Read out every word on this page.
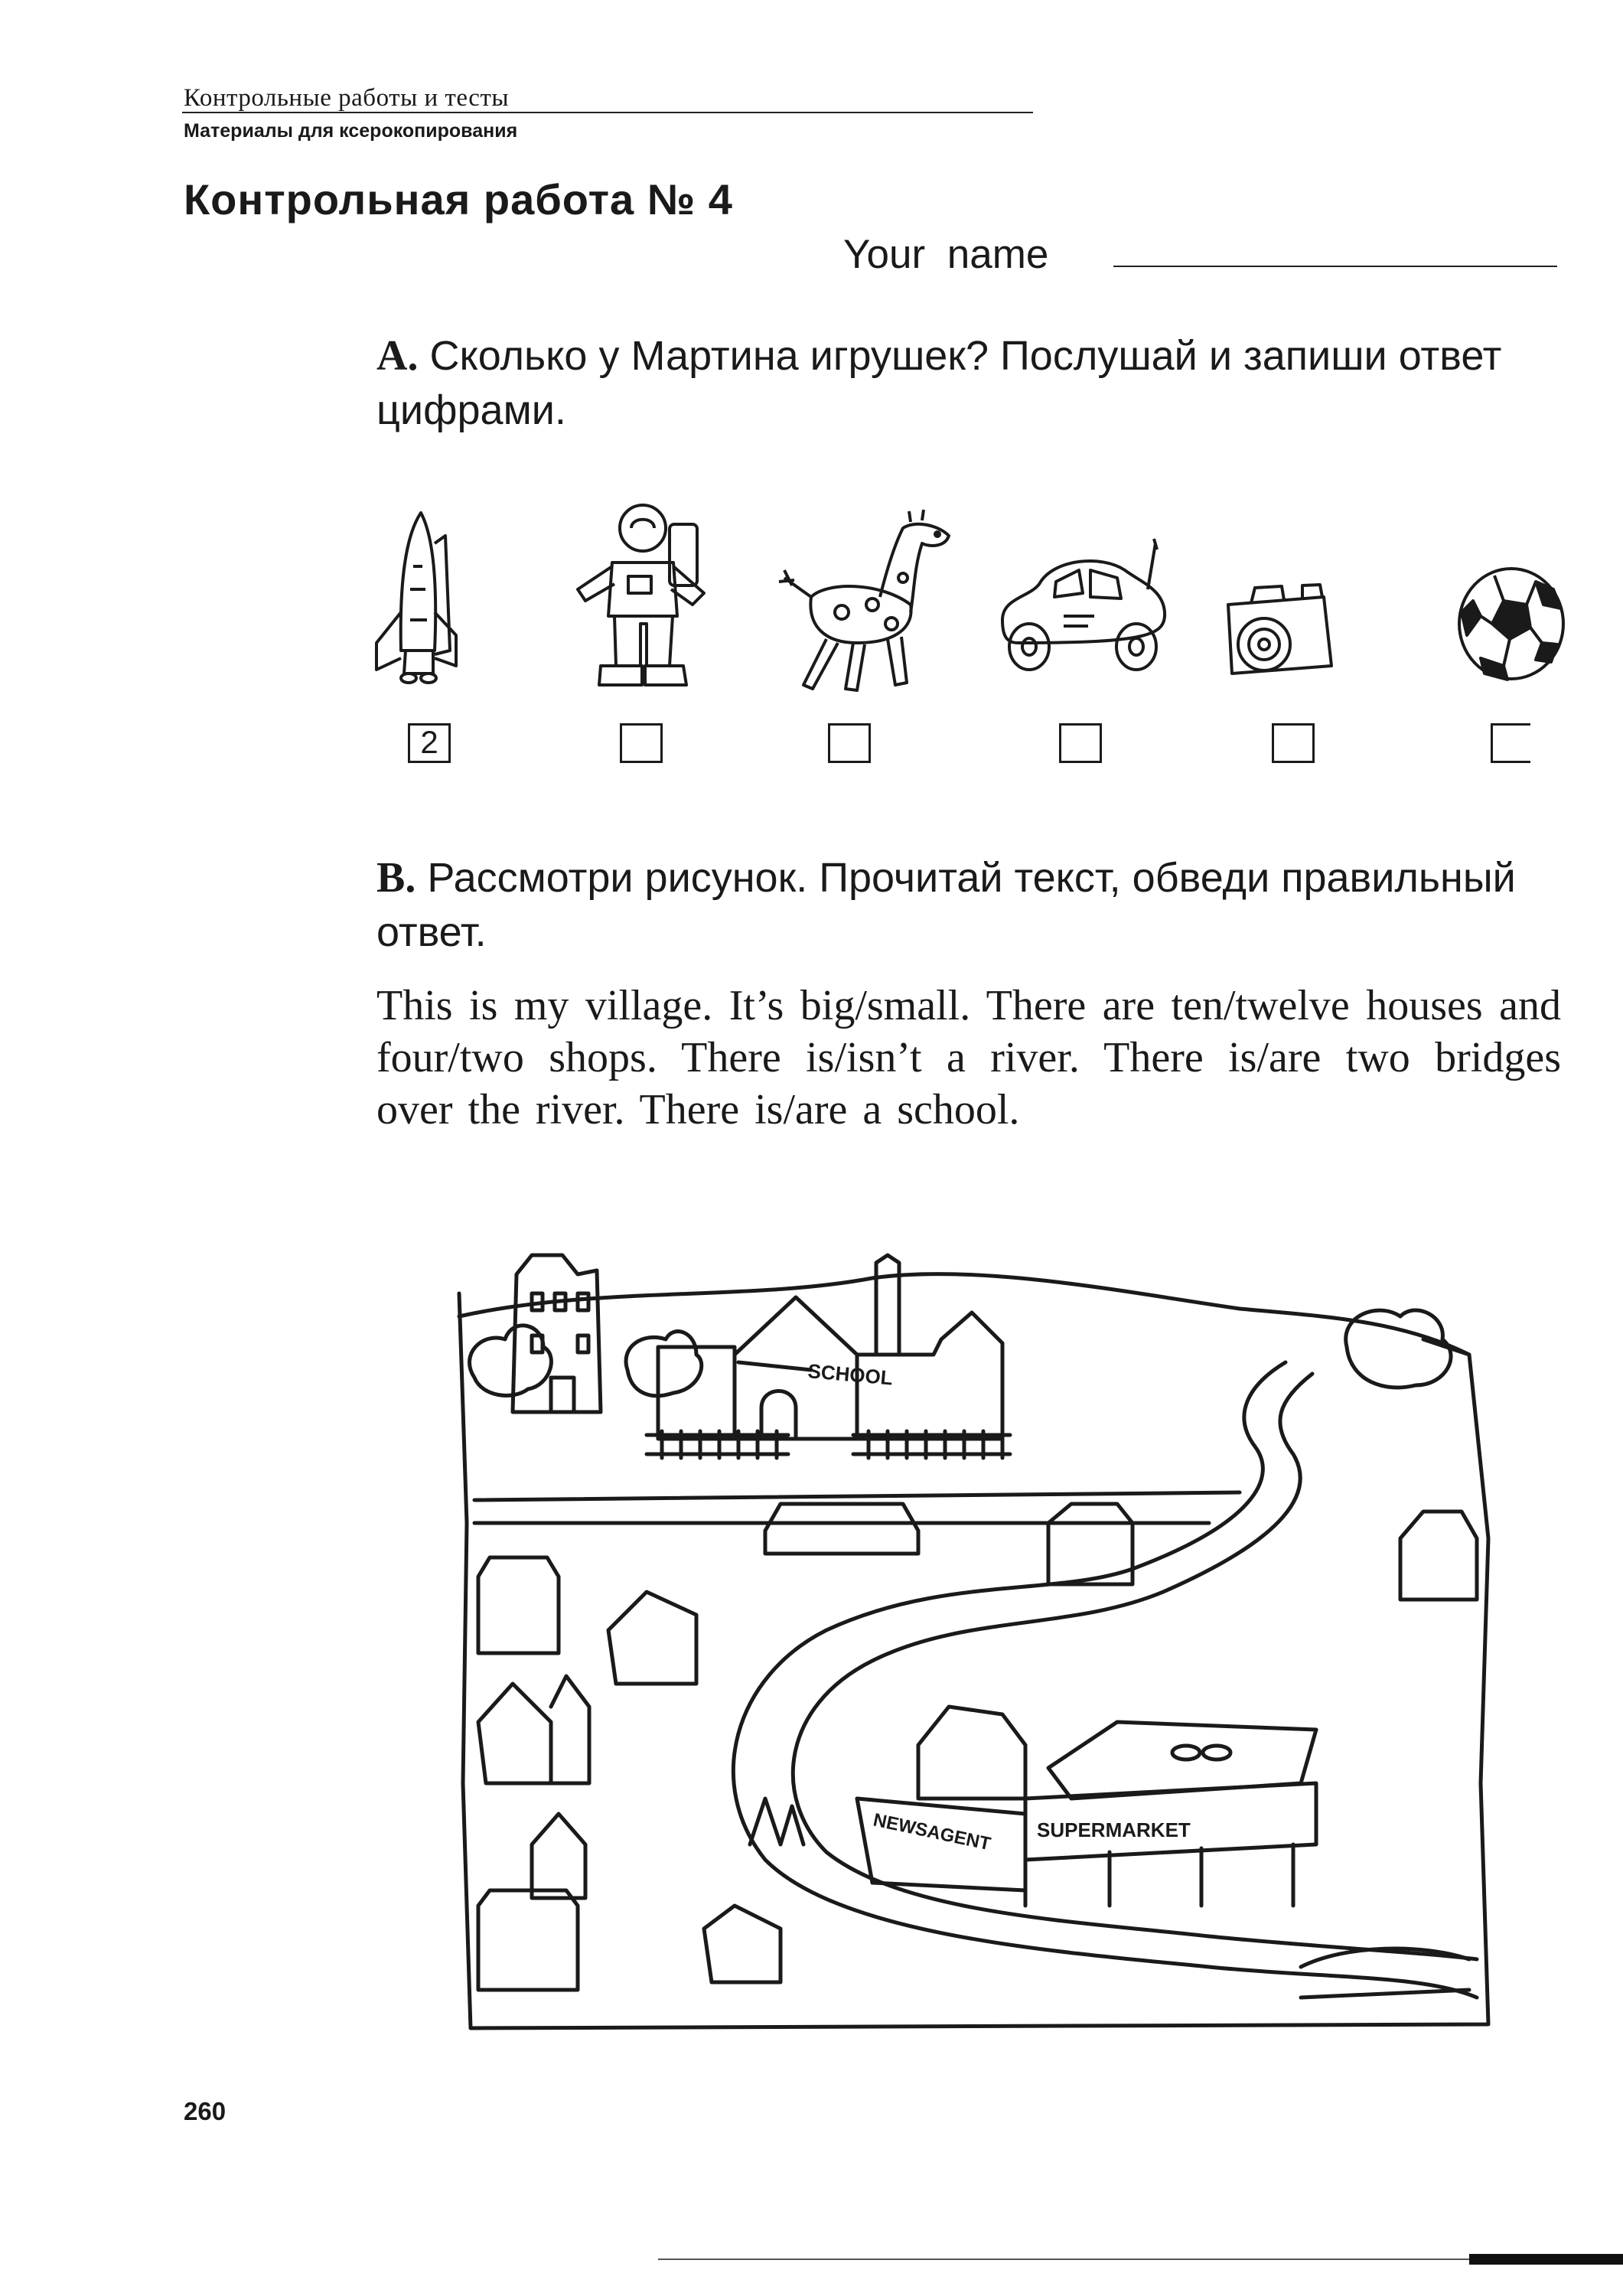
Контрольные работы и тесты
Материалы для ксерокопирования
Контрольная работа № 4
Your name
А. Сколько у Мартина игрушек? Послушай и запиши ответ цифрами.
2
B. Рассмотри рисунок. Прочитай текст, обведи правильный ответ.
This is my village. It’s big/small. There are ten/twelve houses and four/two shops. There is/isn’t a river. There is/are two bridges over the river. There is/are a school.
SCHOOL
NEWSAGENT SUPERMARKET
260
